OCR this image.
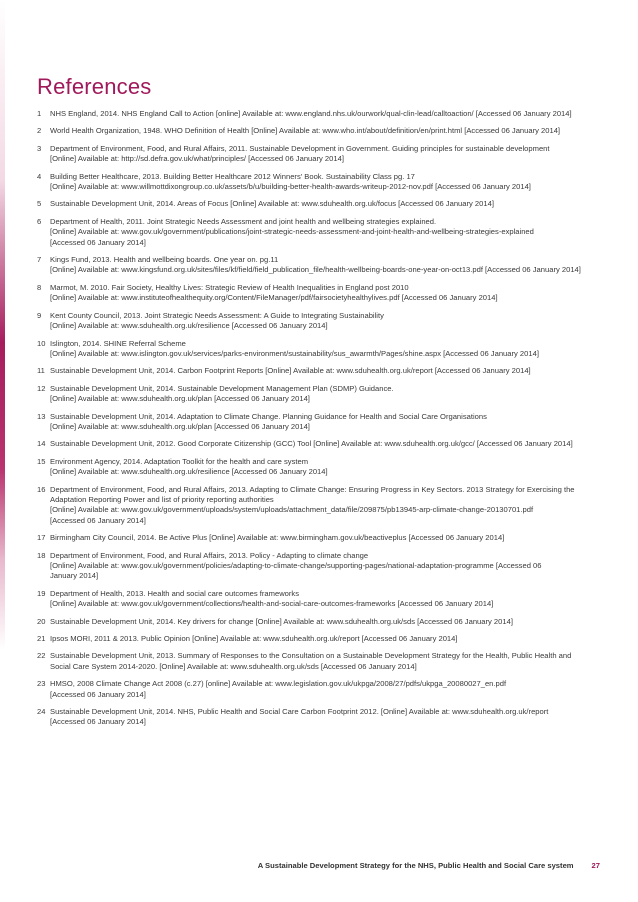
References
1 NHS England, 2014. NHS England Call to Action [online] Available at: www.england.nhs.uk/ourwork/qual-clin-lead/calltoaction/ [Accessed 06 January 2014]
2 World Health Organization, 1948. WHO Definition of Health [Online] Available at: www.who.int/about/definition/en/print.html [Accessed 06 January 2014]
3 Department of Environment, Food, and Rural Affairs, 2011. Sustainable Development in Government. Guiding principles for sustainable development
[Online] Available at: http://sd.defra.gov.uk/what/principles/ [Accessed 06 January 2014]
4 Building Better Healthcare, 2013. Building Better Healthcare 2012 Winners' Book. Sustainability Class pg. 17
[Online] Available at: www.willmottdixongroup.co.uk/assets/b/u/building-better-health-awards-writeup-2012-nov.pdf [Accessed 06 January 2014]
5 Sustainable Development Unit, 2014. Areas of Focus [Online] Available at: www.sduhealth.org.uk/focus [Accessed 06 January 2014]
6 Department of Health, 2011. Joint Strategic Needs Assessment and joint health and wellbeing strategies explained.
[Online] Available at: www.gov.uk/government/publications/joint-strategic-needs-assessment-and-joint-health-and-wellbeing-strategies-explained
[Accessed 06 January 2014]
7 Kings Fund, 2013. Health and wellbeing boards. One year on. pg.11
[Online] Available at: www.kingsfund.org.uk/sites/files/kf/field/field_publication_file/health-wellbeing-boards-one-year-on-oct13.pdf [Accessed 06 January 2014]
8 Marmot, M. 2010. Fair Society, Healthy Lives: Strategic Review of Health Inequalities in England post 2010
[Online] Available at: www.instituteofhealthequity.org/Content/FileManager/pdf/fairsocietyhealthylives.pdf [Accessed 06 January 2014]
9 Kent County Council, 2013. Joint Strategic Needs Assessment: A Guide to Integrating Sustainability
[Online] Available at: www.sduhealth.org.uk/resilience [Accessed 06 January 2014]
10 Islington, 2014. SHINE Referral Scheme
[Online] Available at: www.islington.gov.uk/services/parks-environment/sustainability/sus_awarmth/Pages/shine.aspx [Accessed 06 January 2014]
11 Sustainable Development Unit, 2014. Carbon Footprint Reports [Online] Available at: www.sduhealth.org.uk/report [Accessed 06 January 2014]
12 Sustainable Development Unit, 2014. Sustainable Development Management Plan (SDMP) Guidance.
[Online] Available at: www.sduhealth.org.uk/plan [Accessed 06 January 2014]
13 Sustainable Development Unit, 2014. Adaptation to Climate Change. Planning Guidance for Health and Social Care Organisations
[Online] Available at: www.sduhealth.org.uk/plan [Accessed 06 January 2014]
14 Sustainable Development Unit, 2012. Good Corporate Citizenship (GCC) Tool [Online] Available at: www.sduhealth.org.uk/gcc/ [Accessed 06 January 2014]
15 Environment Agency, 2014. Adaptation Toolkit for the health and care system
[Online] Available at: www.sduhealth.org.uk/resilience [Accessed 06 January 2014]
16 Department of Environment, Food, and Rural Affairs, 2013. Adapting to Climate Change: Ensuring Progress in Key Sectors. 2013 Strategy for Exercising the
Adaptation Reporting Power and list of priority reporting authorities
[Online] Available at: www.gov.uk/government/uploads/system/uploads/attachment_data/file/209875/pb13945-arp-climate-change-20130701.pdf
[Accessed 06 January 2014]
17 Birmingham City Council, 2014. Be Active Plus [Online] Available at: www.birmingham.gov.uk/beactiveplus [Accessed 06 January 2014]
18 Department of Environment, Food, and Rural Affairs, 2013. Policy - Adapting to climate change
[Online] Available at: www.gov.uk/government/policies/adapting-to-climate-change/supporting-pages/national-adaptation-programme [Accessed 06
January 2014]
19 Department of Health, 2013. Health and social care outcomes frameworks
[Online] Available at: www.gov.uk/government/collections/health-and-social-care-outcomes-frameworks [Accessed 06 January 2014]
20 Sustainable Development Unit, 2014. Key drivers for change [Online] Available at: www.sduhealth.org.uk/sds [Accessed 06 January 2014]
21 Ipsos MORI, 2011 & 2013. Public Opinion [Online] Available at: www.sduhealth.org.uk/report [Accessed 06 January 2014]
22 Sustainable Development Unit, 2013. Summary of Responses to the Consultation on a Sustainable Development Strategy for the Health, Public Health and
Social Care System 2014-2020. [Online] Available at: www.sduhealth.org.uk/sds [Accessed 06 January 2014]
23 HMSO, 2008 Climate Change Act 2008 (c.27) [online] Available at: www.legislation.gov.uk/ukpga/2008/27/pdfs/ukpga_20080027_en.pdf
[Accessed 06 January 2014]
24 Sustainable Development Unit, 2014. NHS, Public Health and Social Care Carbon Footprint 2012. [Online] Available at: www.sduhealth.org.uk/report
[Accessed 06 January 2014]
A Sustainable Development Strategy for the NHS, Public Health and Social Care system 27
